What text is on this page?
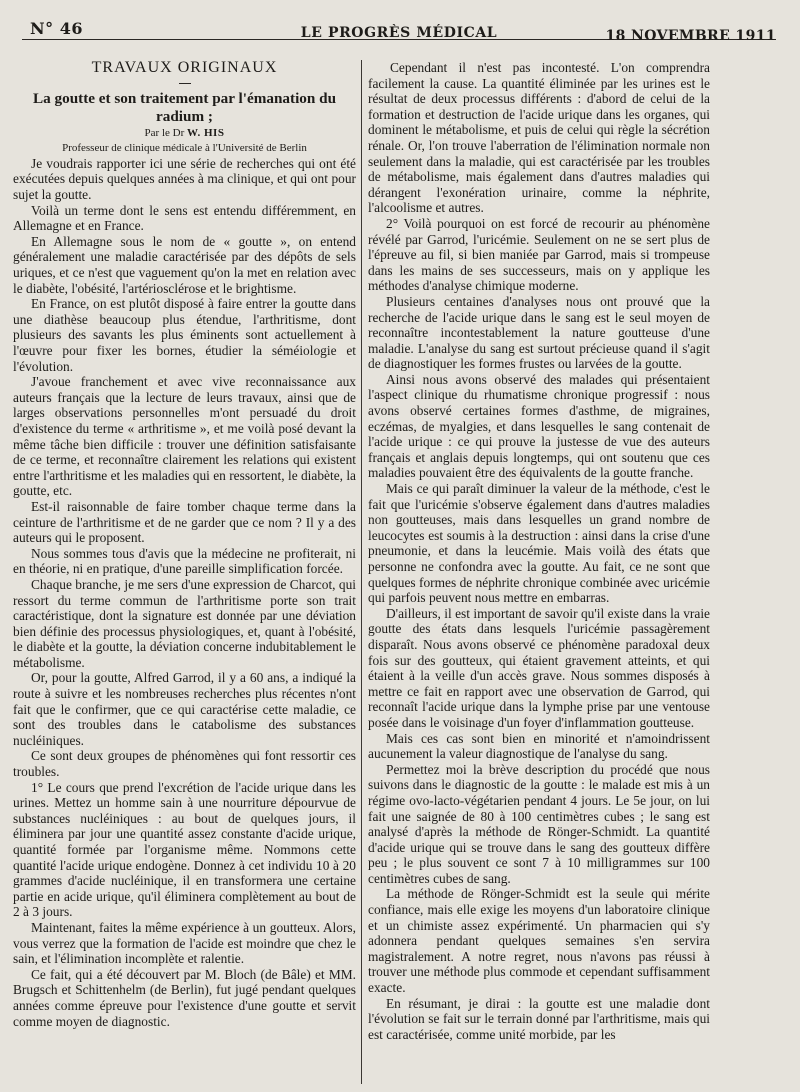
N° 46	LE PROGRÈS MÉDICAL	18 NOVEMBRE 1911

TRAVAUX ORIGINAUX

La goutte et son traitement par l'émanation du radium ;

Par le Dr W. HIS

Professeur de clinique médicale à l'Université de Berlin

Je voudrais rapporter ici une série de recherches qui ont été exécutées depuis quelques années à ma clinique, et qui ont pour sujet la goutte.

Voilà un terme dont le sens est entendu différemment, en Allemagne et en France.

En Allemagne sous le nom de « goutte », on entend généralement une maladie caractérisée par des dépôts de sels uriques, et ce n'est que vaguement qu'on la met en relation avec le diabète, l'obésité, l'artériosclérose et le brightisme.

En France, on est plutôt disposé à faire entrer la goutte dans une diathèse beaucoup plus étendue, l'arthritisme, dont plusieurs des savants les plus éminents sont actuellement à l'œuvre pour fixer les bornes, étudier la séméiologie et l'évolution.

J'avoue franchement et avec vive reconnaissance aux auteurs français que la lecture de leurs travaux, ainsi que de larges observations personnelles m'ont persuadé du droit d'existence du terme « arthritisme », et me voilà posé devant la même tâche bien difficile : trouver une définition satisfaisante de ce terme, et reconnaître clairement les relations qui existent entre l'arthritisme et les maladies qui en ressortent, le diabète, la goutte, etc.

Est-il raisonnable de faire tomber chaque terme dans la ceinture de l'arthritisme et de ne garder que ce nom ? Il y a des auteurs qui le proposent.

Nous sommes tous d'avis que la médecine ne profiterait, ni en théorie, ni en pratique, d'une pareille simplification forcée.

Chaque branche, je me sers d'une expression de Charcot, qui ressort du terme commun de l'arthritisme porte son trait caractéristique, dont la signature est donnée par une déviation bien définie des processus physiologiques, et, quant à l'obésité, le diabète et la goutte, la déviation concerne indubitablement le métabolisme.

Or, pour la goutte, Alfred Garrod, il y a 60 ans, a indiqué la route à suivre et les nombreuses recherches plus récentes n'ont fait que le confirmer, que ce qui caractérise cette maladie, ce sont des troubles dans le catabolisme des substances nucléiniques.

Ce sont deux groupes de phénomènes qui font ressortir ces troubles.

1° Le cours que prend l'excrétion de l'acide urique dans les urines. Mettez un homme sain à une nourriture dépourvue de substances nucléiniques : au bout de quelques jours, il éliminera par jour une quantité assez constante d'acide urique, quantité formée par l'organisme même. Nommons cette quantité l'acide urique endogène. Donnez à cet individu 10 à 20 grammes d'acide nucléinique, il en transformera une certaine partie en acide urique, qu'il éliminera complètement au bout de 2 à 3 jours.

Maintenant, faites la même expérience à un goutteux. Alors, vous verrez que la formation de l'acide est moindre que chez le sain, et l'élimination incomplète et ralentie.

Ce fait, qui a été découvert par M. Bloch (de Bâle) et MM. Brugsch et Schittenhelm (de Berlin), fut jugé pendant quelques années comme épreuve pour l'existence d'une goutte et servit comme moyen de diagnostic.

Cependant il n'est pas incontesté. L'on comprendra facilement la cause. La quantité éliminée par les urines est le résultat de deux processus différents : d'abord de celui de la formation et destruction de l'acide urique dans les organes, qui dominent le métabolisme, et puis de celui qui règle la sécrétion rénale. Or, l'on trouve l'aberration de l'élimination normale non seulement dans la maladie, qui est caractérisée par les troubles de métabolisme, mais également dans d'autres maladies qui dérangent l'exonération urinaire, comme la néphrite, l'alcoolisme et autres.

2° Voilà pourquoi on est forcé de recourir au phénomène révélé par Garrod, l'uricémie. Seulement on ne se sert plus de l'épreuve au fil, si bien maniée par Garrod, mais si trompeuse dans les mains de ses successeurs, mais on y applique les méthodes d'analyse chimique moderne.

Plusieurs centaines d'analyses nous ont prouvé que la recherche de l'acide urique dans le sang est le seul moyen de reconnaître incontestablement la nature goutteuse d'une maladie. L'analyse du sang est surtout précieuse quand il s'agit de diagnostiquer les formes frustes ou larvées de la goutte.

Ainsi nous avons observé des malades qui présentaient l'aspect clinique du rhumatisme chronique progressif : nous avons observé certaines formes d'asthme, de migraines, eczémas, de myalgies, et dans lesquelles le sang contenait de l'acide urique : ce qui prouve la justesse de vue des auteurs français et anglais depuis longtemps, qui ont soutenu que ces maladies pouvaient être des équivalents de la goutte franche.

Mais ce qui paraît diminuer la valeur de la méthode, c'est le fait que l'uricémie s'observe également dans d'autres maladies non goutteuses, mais dans lesquelles un grand nombre de leucocytes est soumis à la destruction : ainsi dans la crise d'une pneumonie, et dans la leucémie. Mais voilà des états que personne ne confondra avec la goutte. Au fait, ce ne sont que quelques formes de néphrite chronique combinée avec uricémie qui parfois peuvent nous mettre en embarras.

D'ailleurs, il est important de savoir qu'il existe dans la vraie goutte des états dans lesquels l'uricémie passagèrement disparaît. Nous avons observé ce phénomène paradoxal deux fois sur des goutteux, qui étaient gravement atteints, et qui étaient à la veille d'un accès grave. Nous sommes disposés à mettre ce fait en rapport avec une observation de Garrod, qui reconnaît l'acide urique dans la lymphe prise par une ventouse posée dans le voisinage d'un foyer d'inflammation goutteuse.

Mais ces cas sont bien en minorité et n'amoindrissent aucunement la valeur diagnostique de l'analyse du sang.

Permettez moi la brève description du procédé que nous suivons dans le diagnostic de la goutte : le malade est mis à un régime ovo-lacto-végétarien pendant 4 jours. Le 5e jour, on lui fait une saignée de 80 à 100 centimètres cubes ; le sang est analysé d'après la méthode de Rönger-Schmidt. La quantité d'acide urique qui se trouve dans le sang des goutteux diffère peu ; le plus souvent ce sont 7 à 10 milligrammes sur 100 centimètres cubes de sang.

La méthode de Rönger-Schmidt est la seule qui mérite confiance, mais elle exige les moyens d'un laboratoire clinique et un chimiste assez expérimenté. Un pharmacien qui s'y adonnera pendant quelques semaines s'en servira magistralement. A notre regret, nous n'avons pas réussi à trouver une méthode plus commode et cependant suffisamment exacte.

En résumant, je dirai : la goutte est une maladie dont l'évolution se fait sur le terrain donné par l'arthritisme, mais qui est caractérisée, comme unité morbide, par les
